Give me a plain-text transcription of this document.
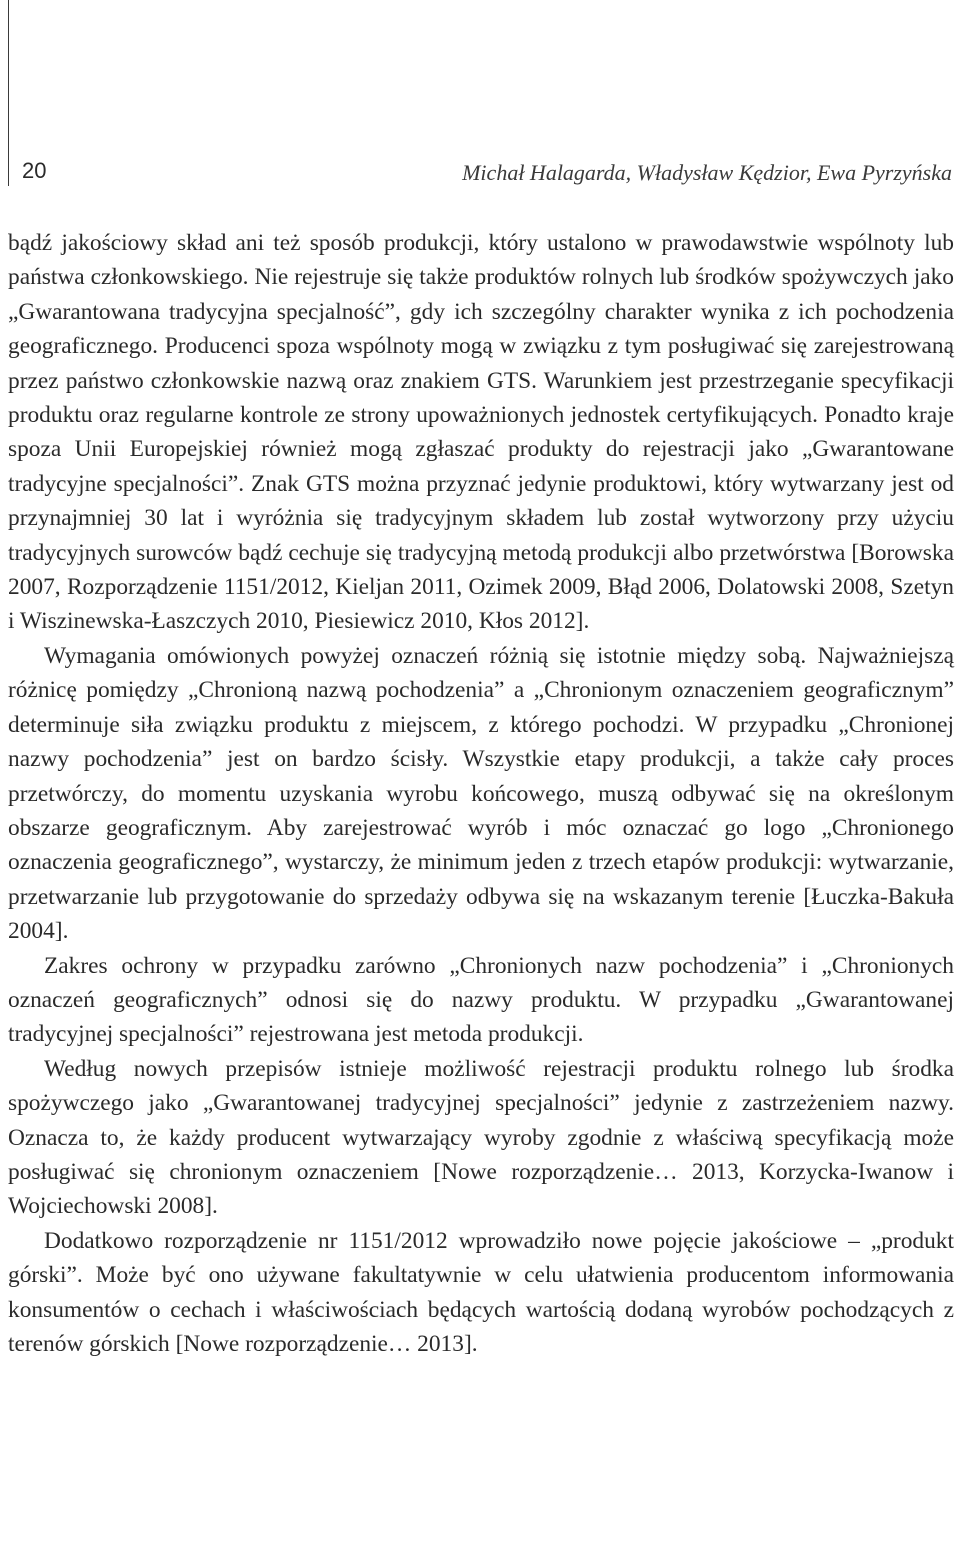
20	Michał Halagarda, Władysław Kędzior, Ewa Pyrzyńska

bądź jakościowy skład ani też sposób produkcji, który ustalono w prawodawstwie wspólnoty lub państwa członkowskiego. Nie rejestruje się także produktów rolnych lub środków spożywczych jako „Gwarantowana tradycyjna specjalność”, gdy ich szczególny charakter wynika z ich pochodzenia geograficznego. Producenci spoza wspólnoty mogą w związku z tym posługiwać się zarejestrowaną przez państwo członkowskie nazwą oraz znakiem GTS. Warunkiem jest przestrzeganie specyfikacji produktu oraz regularne kontrole ze strony upoważnionych jednostek certyfikujących. Ponadto kraje spoza Unii Europejskiej również mogą zgłaszać produkty do rejestracji jako „Gwarantowane tradycyjne specjalności”. Znak GTS można przyznać jedynie produktowi, który wytwarzany jest od przynajmniej 30 lat i wyróżnia się tradycyjnym składem lub został wytworzony przy użyciu tradycyjnych surowców bądź cechuje się tradycyjną metodą produkcji albo przetwórstwa [Borowska 2007, Rozporządzenie 1151/2012, Kieljan 2011, Ozimek 2009, Błąd 2006, Dolatowski 2008, Szetyn i Wiszinewska-Łaszczych 2010, Piesiewicz 2010, Kłos 2012].

Wymagania omówionych powyżej oznaczeń różnią się istotnie między sobą. Najważniejszą różnicę pomiędzy „Chronioną nazwą pochodzenia” a „Chronionym oznaczeniem geograficznym” determinuje siła związku produktu z miejscem, z którego pochodzi. W przypadku „Chronionej nazwy pochodzenia” jest on bardzo ścisły. Wszystkie etapy produkcji, a także cały proces przetwórczy, do momentu uzyskania wyrobu końcowego, muszą odbywać się na określonym obszarze geograficznym. Aby zarejestrować wyrób i móc oznaczać go logo „Chronionego oznaczenia geograficznego”, wystarczy, że minimum jeden z trzech etapów produkcji: wytwarzanie, przetwarzanie lub przygotowanie do sprzedaży odbywa się na wskazanym terenie [Łuczka-Bakuła 2004].

Zakres ochrony w przypadku zarówno „Chronionych nazw pochodzenia” i „Chronionych oznaczeń geograficznych” odnosi się do nazwy produktu. W przypadku „Gwarantowanej tradycyjnej specjalności” rejestrowana jest metoda produkcji.

Według nowych przepisów istnieje możliwość rejestracji produktu rolnego lub środka spożywczego jako „Gwarantowanej tradycyjnej specjalności” jedynie z zastrzeżeniem nazwy. Oznacza to, że każdy producent wytwarzający wyroby zgodnie z właściwą specyfikacją może posługiwać się chronionym oznaczeniem [Nowe rozporządzenie… 2013, Korzycka-Iwanow i Wojciechowski 2008].

Dodatkowo rozporządzenie nr 1151/2012 wprowadziło nowe pojęcie jakościowe – „produkt górski”. Może być ono używane fakultatywnie w celu ułatwienia producentom informowania konsumentów o cechach i właściwościach będących wartością dodaną wyrobów pochodzących z terenów górskich [Nowe rozporządzenie… 2013].
